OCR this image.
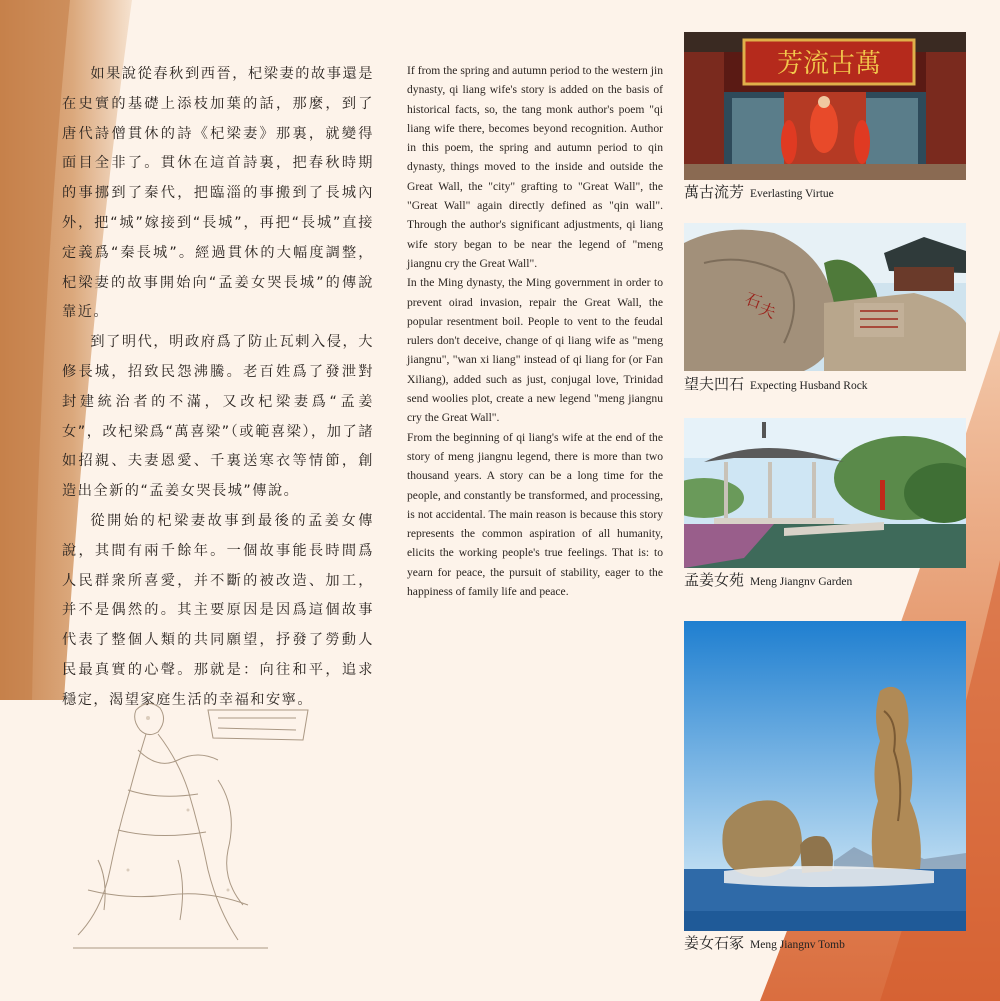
如果說從春秋到西晉，杞梁妻的故事還是在史實的基礎上添枝加葉的話，那麼，到了唐代詩僧貫休的詩《杞梁妻》那裏，就變得面目全非了。貫休在這首詩裏，把春秋時期的事挪到了秦代，把臨淄的事搬到了長城內外，把“城”嫁接到“長城”，再把“長城”直接定義爲“秦長城”。經過貫休的大幅度調整，杞梁妻的故事開始向“孟姜女哭長城”的傳說靠近。

到了明代，明政府爲了防止瓦剌入侵，大修長城，招致民怨沸騰。老百姓爲了發泄對封建統治者的不滿，又改杞梁妻爲“孟姜女”，改杞梁爲“萬喜梁”（或範喜梁），加了諸如招親、夫妻恩愛、千裏送寒衣等情節，創造出全新的“孟姜女哭長城”傳說。

從開始的杞梁妻故事到最後的孟姜女傳說，其間有兩千餘年。一個故事能長時間爲人民群衆所喜愛，并不斷的被改造、加工，并不是偶然的。其主要原因是因爲這個故事代表了整個人類的共同願望，抒發了勞動人民最真實的心聲。那就是：向往和平，追求穩定，渴望家庭生活的幸福和安寧。

If from the spring and autumn period to the western jin dynasty, qi liang wife's story is added on the basis of historical facts, so, the tang monk author's poem "qi liang wife there, becomes beyond recognition. Author in this poem, the spring and autumn period to qin dynasty, things moved to the inside and outside the Great Wall, the "city" grafting to "Great Wall", the "Great Wall" again directly defined as "qin wall". Through the author's significant adjustments, qi liang wife story began to be near the legend of "meng jiangnu cry the Great Wall".

In the Ming dynasty, the Ming government in order to prevent oirad invasion, repair the Great Wall, the popular resentment boil. People to vent to the feudal rulers don't deceive, change of qi liang wife as "meng jiangnu", "wan xi liang" instead of qi liang for (or Fan Xiliang), added such as just, conjugal love, Trinidad send woolies plot, create a new legend "meng jiangnu cry the Great Wall".

From the beginning of qi liang's wife at the end of the story of meng jiangnu legend, there is more than two thousand years. A story can be a long time for the people, and constantly be transformed, and processing, is not accidental. The main reason is because this story represents the common aspiration of all humanity, elicits the working people's true feelings. That is: to yearn for peace, the pursuit of stability, eager to the happiness of family life and peace.

芳流古萬
萬古流芳 Everlasting Virtue
石
夫
望夫凹石 Expecting Husband Rock
孟姜女苑 Meng Jiangnv Garden
姜女石冢 Meng Jiangnv Tomb
